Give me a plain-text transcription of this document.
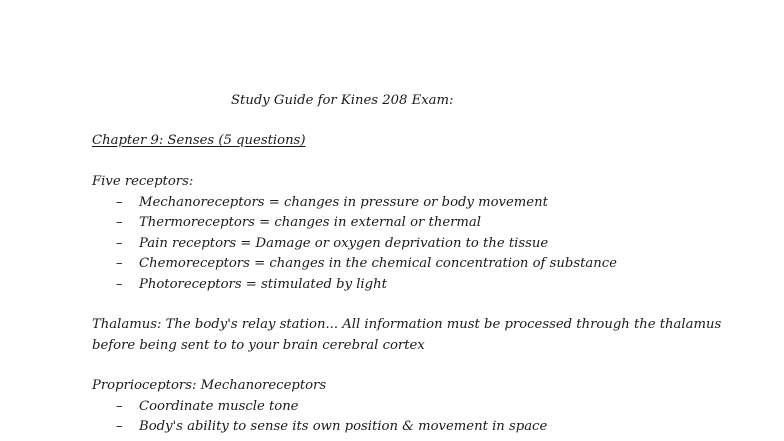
Study Guide for Kines 208 Exam:
Chapter 9: Senses (5 questions)
Five receptors:
– Mechanoreceptors = changes in pressure or body movement
– Thermoreceptors = changes in external or thermal
– Pain receptors = Damage or oxygen deprivation to the tissue
– Chemoreceptors = changes in the chemical concentration of substance
– Photoreceptors = stimulated by light
Thalamus: The body's relay station... All information must be processed through the thalamus
before being sent to to your brain cerebral cortex
Proprioceptors: Mechanoreceptors
– Coordinate muscle tone
– Body's ability to sense its own position & movement in space
